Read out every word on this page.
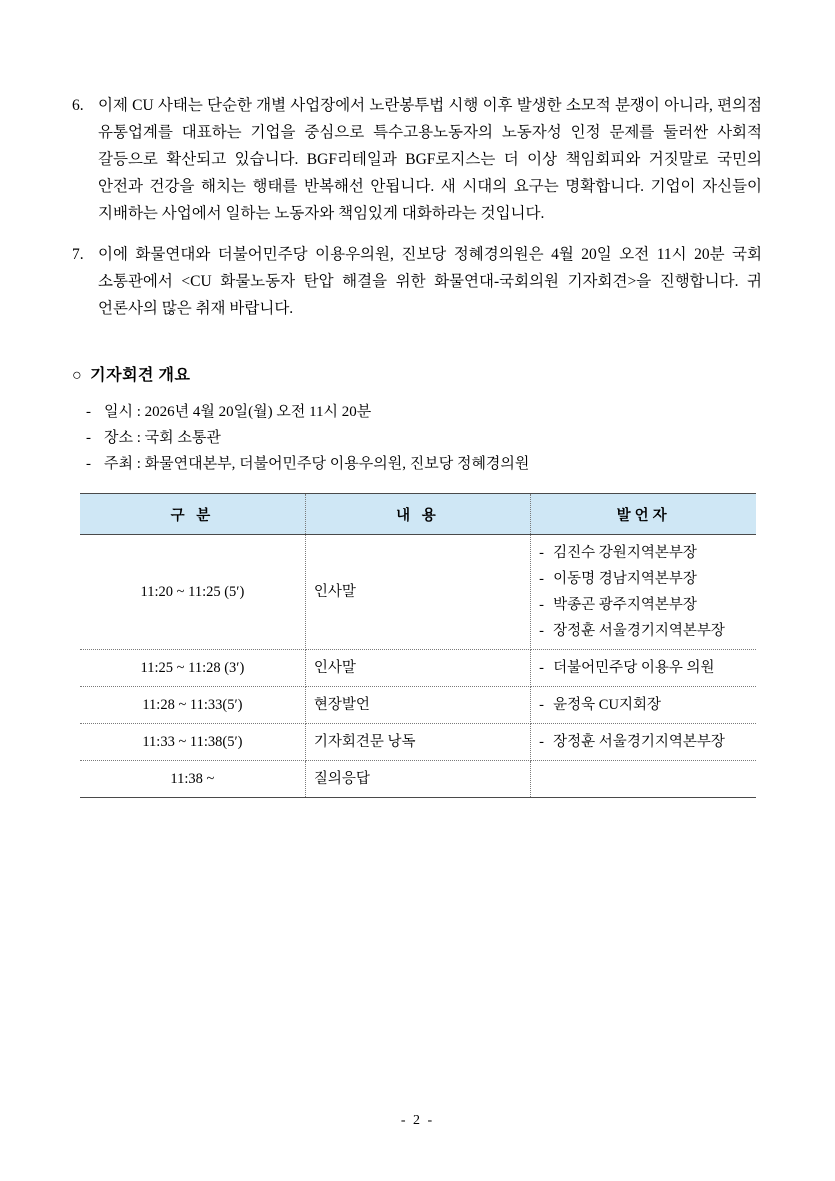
6. 이제 CU 사태는 단순한 개별 사업장에서 노란봉투법 시행 이후 발생한 소모적 분쟁이 아니라, 편의점 유통업계를 대표하는 기업을 중심으로 특수고용노동자의 노동자성 인정 문제를 둘러싼 사회적 갈등으로 확산되고 있습니다. BGF리테일과 BGF로지스는 더 이상 책임회피와 거짓말로 국민의 안전과 건강을 해치는 행태를 반복해선 안됩니다. 새 시대의 요구는 명확합니다. 기업이 자신들이 지배하는 사업에서 일하는 노동자와 책임있게 대화하라는 것입니다.
7. 이에 화물연대와 더불어민주당 이용우의원, 진보당 정혜경의원은 4월 20일 오전 11시 20분 국회 소통관에서 <CU 화물노동자 탄압 해결을 위한 화물연대-국회의원 기자회견>을 진행합니다. 귀 언론사의 많은 취재 바랍니다.
○ 기자회견 개요
- 일시 : 2026년 4월 20일(월) 오전 11시 20분
- 장소 : 국회 소통관
- 주최 : 화물연대본부, 더불어민주당 이용우의원, 진보당 정혜경의원
구 분	내 용	발언자
11:20 ~ 11:25 (5′)	인사말	- 김진수 강원지역본부장
- 이동명 경남지역본부장
- 박종곤 광주지역본부장
- 장정훈 서울경기지역본부장

11:25 ~ 11:28 (3′)	인사말	- 더불어민주당 이용우 의원

11:28 ~ 11:33(5′)	현장발언	- 윤정욱 CU지회장

11:33 ~ 11:38(5′)	기자회견문 낭독	- 장정훈 서울경기지역본부장

11:38 ~	질의응답	
- 2 -
